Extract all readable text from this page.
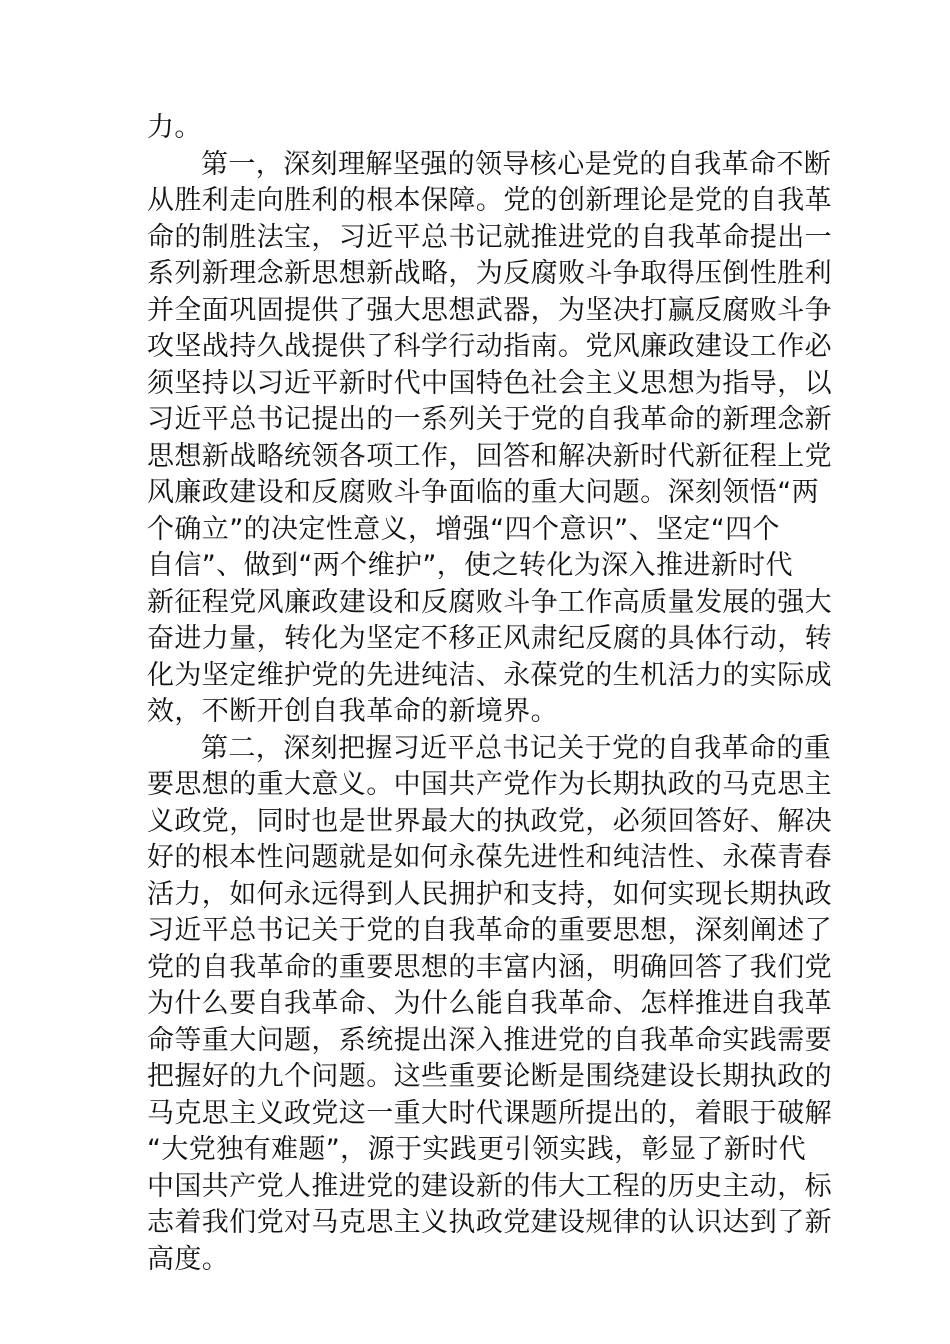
力。
第一，深刻理解坚强的领导核心是党的自我革命不断
从胜利走向胜利的根本保障。党的创新理论是党的自我革
命的制胜法宝，习近平总书记就推进党的自我革命提出一
系列新理念新思想新战略，为反腐败斗争取得压倒性胜利
并全面巩固提供了强大思想武器，为坚决打赢反腐败斗争
攻坚战持久战提供了科学行动指南。党风廉政建设工作必
须坚持以习近平新时代中国特色社会主义思想为指导，以
习近平总书记提出的一系列关于党的自我革命的新理念新
思想新战略统领各项工作，回答和解决新时代新征程上党
风廉政建设和反腐败斗争面临的重大问题。深刻领悟“两
个确立”的决定性意义，增强“四个意识”、坚定“四个
自信”、做到“两个维护”，使之转化为深入推进新时代
新征程党风廉政建设和反腐败斗争工作高质量发展的强大
奋进力量，转化为坚定不移正风肃纪反腐的具体行动，转
化为坚定维护党的先进纯洁、永葆党的生机活力的实际成
效，不断开创自我革命的新境界。
第二，深刻把握习近平总书记关于党的自我革命的重
要思想的重大意义。中国共产党作为长期执政的马克思主
义政党，同时也是世界最大的执政党，必须回答好、解决
好的根本性问题就是如何永葆先进性和纯洁性、永葆青春
活力，如何永远得到人民拥护和支持，如何实现长期执政
习近平总书记关于党的自我革命的重要思想，深刻阐述了
党的自我革命的重要思想的丰富内涵，明确回答了我们党
为什么要自我革命、为什么能自我革命、怎样推进自我革
命等重大问题，系统提出深入推进党的自我革命实践需要
把握好的九个问题。这些重要论断是围绕建设长期执政的
马克思主义政党这一重大时代课题所提出的，着眼于破解
“大党独有难题”，源于实践更引领实践，彰显了新时代
中国共产党人推进党的建设新的伟大工程的历史主动，标
志着我们党对马克思主义执政党建设规律的认识达到了新
高度。
